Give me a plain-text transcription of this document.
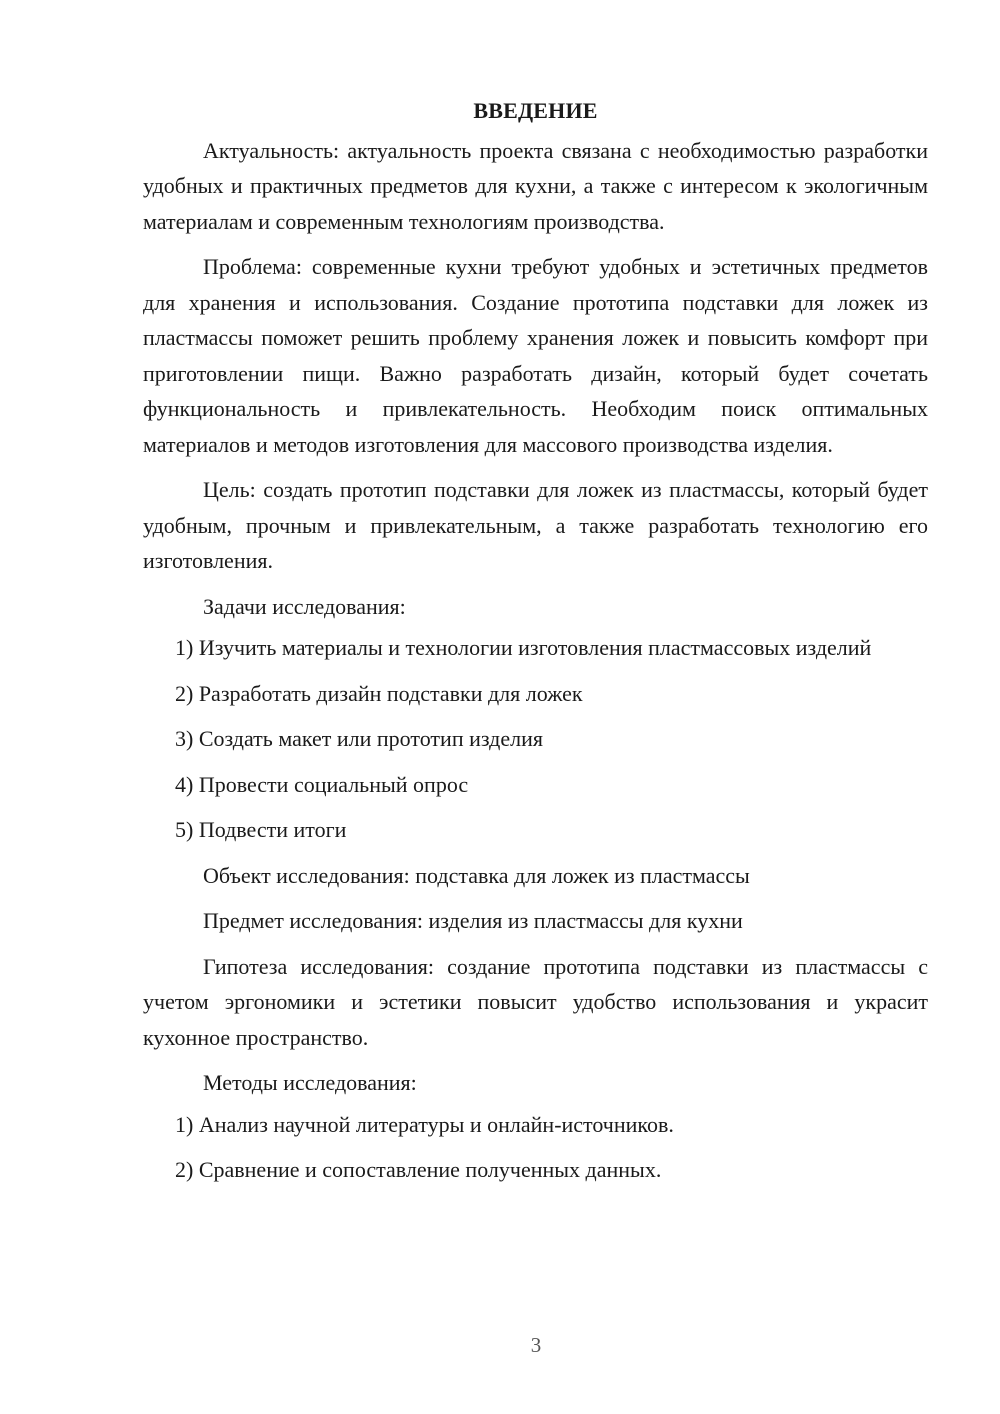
ВВЕДЕНИЕ

Актуальность: актуальность проекта связана с необходимостью разработки удобных и практичных предметов для кухни, а также с интересом к экологичным материалам и современным технологиям производства.

Проблема: современные кухни требуют удобных и эстетичных предметов для хранения и использования. Создание прототипа подставки для ложек из пластмассы поможет решить проблему хранения ложек и повысить комфорт при приготовлении пищи. Важно разработать дизайн, который будет сочетать функциональность и привлекательность. Необходим поиск оптимальных материалов и методов изготовления для массового производства изделия.

Цель: создать прототип подставки для ложек из пластмассы, который будет удобным, прочным и привлекательным, а также разработать технологию его изготовления.

Задачи исследования:

1) Изучить материалы и технологии изготовления пластмассовых изделий

2) Разработать дизайн подставки для ложек

3) Создать макет или прототип изделия

4) Провести социальный опрос

5) Подвести итоги

Объект исследования: подставка для ложек из пластмассы

Предмет исследования: изделия из пластмассы для кухни

Гипотеза исследования: создание прототипа подставки из пластмассы с учетом эргономики и эстетики повысит удобство использования и украсит кухонное пространство.

Методы исследования:

1) Анализ научной литературы и онлайн-источников.

2) Сравнение и сопоставление полученных данных.

3
